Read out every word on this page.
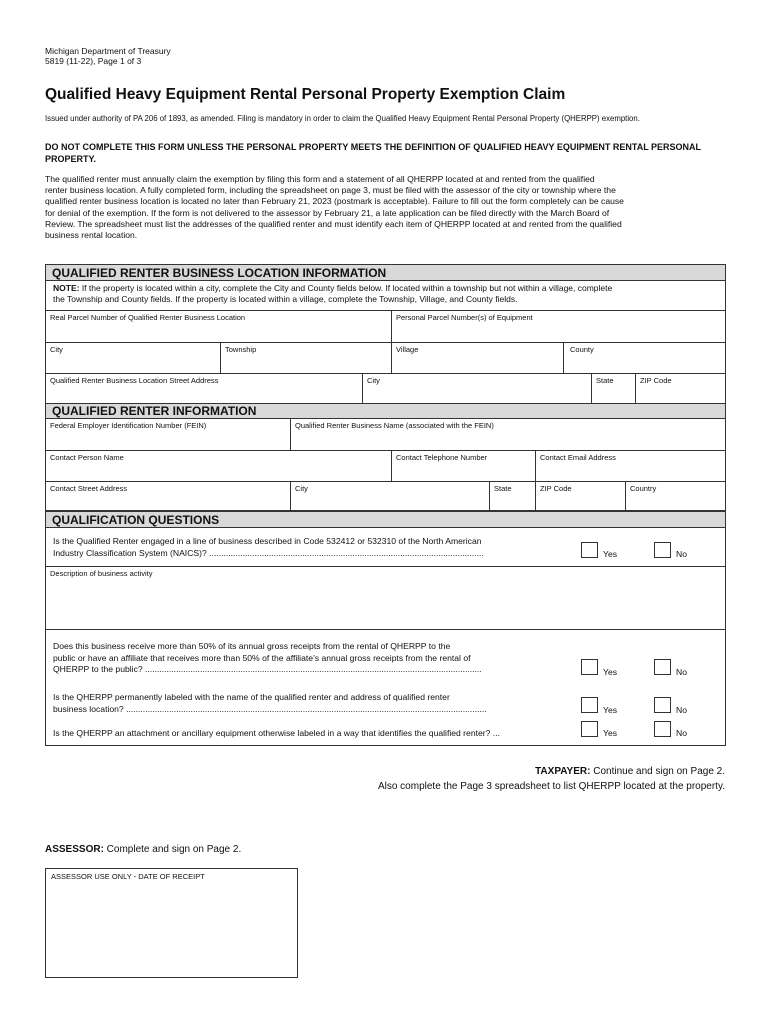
Michigan Department of Treasury
5819 (11-22), Page 1 of 3
Qualified Heavy Equipment Rental Personal Property Exemption Claim
Issued under authority of PA 206 of 1893, as amended. Filing is mandatory in order to claim the Qualified Heavy Equipment Rental Personal Property (QHERPP) exemption.
DO NOT COMPLETE THIS FORM UNLESS THE PERSONAL PROPERTY MEETS THE DEFINITION OF QUALIFIED HEAVY EQUIPMENT RENTAL PERSONAL PROPERTY.
The qualified renter must annually claim the exemption by filing this form and a statement of all QHERPP located at and rented from the qualified
renter business location. A fully completed form, including the spreadsheet on page 3, must be filed with the assessor of the city or township where the
qualified renter business location is located no later than February 21, 2023 (postmark is acceptable). Failure to fill out the form completely can be cause
for denial of the exemption. If the form is not delivered to the assessor by February 21, a late application can be filed directly with the March Board of
Review. The spreadsheet must list the addresses of the qualified renter and must identify each item of QHERPP located at and rented from the qualified
business rental location.
QUALIFIED RENTER BUSINESS LOCATION INFORMATION
NOTE: If the property is located within a city, complete the City and County fields below. If located within a township but not within a village, complete
the Township and County fields. If the property is located within a village, complete the Township, Village, and County fields.
Real Parcel Number of Qualified Renter Business Location	Personal Parcel Number(s) of Equipment
City	Township	Village	County
Qualified Renter Business Location Street Address	City	State	ZIP Code
QUALIFIED RENTER INFORMATION
Federal Employer Identification Number (FEIN)	Qualified Renter Business Name (associated with the FEIN)
Contact Person Name	Contact Telephone Number	Contact Email Address
Contact Street Address	City	State	ZIP Code	Country
QUALIFICATION QUESTIONS
Is the Qualified Renter engaged in a line of business described in Code 532412 or 532310 of the North American
Industry Classification System (NAICS)? ...................................................................................................................	Yes	No
Description of business activity
Does this business receive more than 50% of its annual gross receipts from the rental of QHERPP to the
public or have an affiliate that receives more than 50% of the affiliate’s annual gross receipts from the rental of
QHERPP to the public? .............................................................................................................................................	Yes	No
Is the QHERPP permanently labeled with the name of the qualified renter and address of qualified renter
business location? .......................................................................................................................................................	Yes	No
Is the QHERPP an attachment or ancillary equipment otherwise labeled in a way that identifies the qualified renter? ...	Yes	No
TAXPAYER: Continue and sign on Page 2.
Also complete the Page 3 spreadsheet to list QHERPP located at the property.
ASSESSOR: Complete and sign on Page 2.
ASSESSOR USE ONLY - DATE OF RECEIPT
